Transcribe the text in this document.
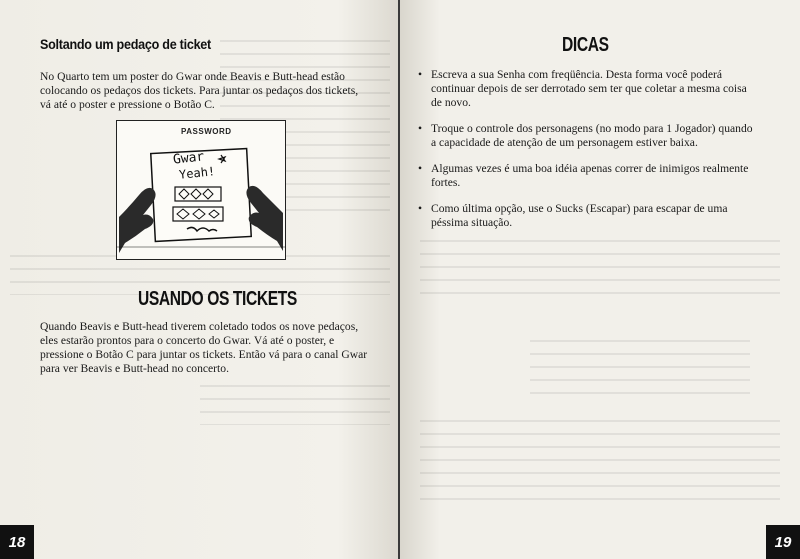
Soltando um pedaço de ticket
No Quarto tem um poster do Gwar onde Beavis e Butt-head estão colocando os pedaços dos tickets. Para juntar os pedaços dos tickets, vá até o poster e pressione o Botão C.
PASSWORD
Gwar
Yeah!
USANDO OS TICKETS
Quando Beavis e Butt-head tiverem coletado todos os nove pedaços, eles estarão prontos para o concerto do Gwar. Vá até o poster, e pressione o Botão C para juntar os tickets. Então vá para o canal Gwar para ver Beavis e Butt-head no concerto.
18
DICAS
19
• Escreva a sua Senha com freqüência. Desta forma você poderá continuar depois de ser derrotado sem ter que coletar a mesma coisa de novo.
• Troque o controle dos personagens (no modo para 1 Jogador) quando a capacidade de atenção de um personagem estiver baixa.
• Algumas vezes é uma boa idéia apenas correr de inimigos realmente fortes.
• Como última opção, use o Sucks (Escapar) para escapar de uma péssima situação.
